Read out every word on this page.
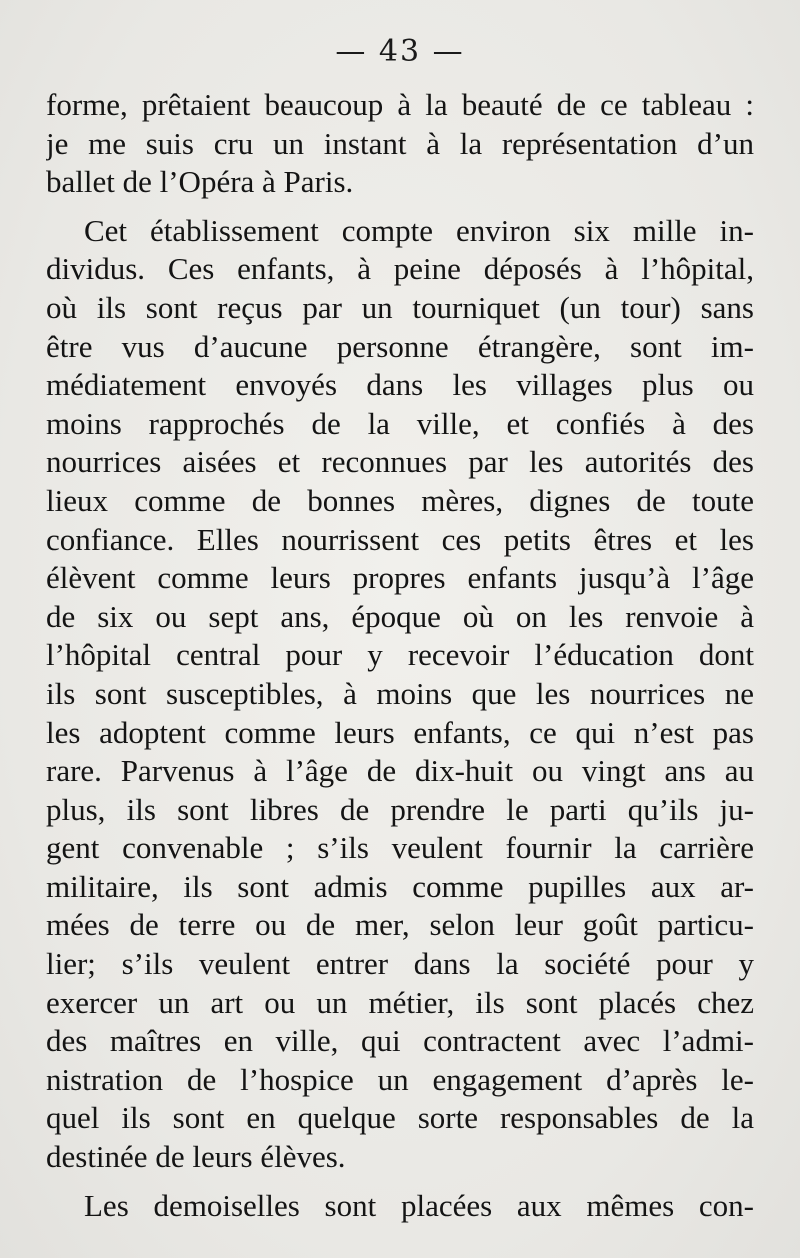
— 43 —
forme, prêtaient beaucoup à la beauté de ce tableau :
je me suis cru un instant à la représentation d’un
ballet de l’Opéra à Paris.
Cet établissement compte environ six mille in-
dividus. Ces enfants, à peine déposés à l’hôpital,
où ils sont reçus par un tourniquet (un tour) sans
être vus d’aucune personne étrangère, sont im-
médiatement envoyés dans les villages plus ou
moins rapprochés de la ville, et confiés à des
nourrices aisées et reconnues par les autorités des
lieux comme de bonnes mères, dignes de toute
confiance. Elles nourrissent ces petits êtres et les
élèvent comme leurs propres enfants jusqu’à l’âge
de six ou sept ans, époque où on les renvoie à
l’hôpital central pour y recevoir l’éducation dont
ils sont susceptibles, à moins que les nourrices ne
les adoptent comme leurs enfants, ce qui n’est pas
rare. Parvenus à l’âge de dix-huit ou vingt ans au
plus, ils sont libres de prendre le parti qu’ils ju-
gent convenable ; s’ils veulent fournir la carrière
militaire, ils sont admis comme pupilles aux ar-
mées de terre ou de mer, selon leur goût particu-
lier; s’ils veulent entrer dans la société pour y
exercer un art ou un métier, ils sont placés chez
des maîtres en ville, qui contractent avec l’admi-
nistration de l’hospice un engagement d’après le-
quel ils sont en quelque sorte responsables de la
destinée de leurs élèves.
Les demoiselles sont placées aux mêmes con-
